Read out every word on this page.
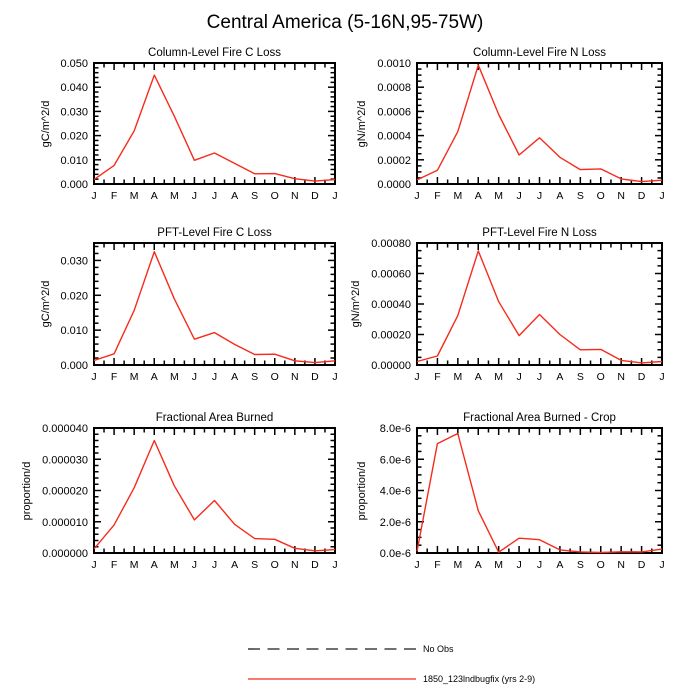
Central America (5-16N,95-75W)
Column-Level Fire C Loss
gC/m^2/d
J F M A M J J A S O N D J
0.000
0.010
0.020
0.030
0.040
0.050
Column-Level Fire N Loss
gN/m^2/d
J F M A M J J A S O N D J
0.0000
0.0002
0.0004
0.0006
0.0008
0.0010
PFT-Level Fire C Loss
gC/m^2/d
J F M A M J J A S O N D J
0.000
0.010
0.020
0.030
PFT-Level Fire N Loss
gN/m^2/d
J F M A M J J A S O N D J
0.00000
0.00020
0.00040
0.00060
0.00080
Fractional Area Burned
proportion/d
J F M A M J J A S O N D J
0.000000
0.000010
0.000020
0.000030
0.000040
Fractional Area Burned - Crop
proportion/d
J F M A M J J A S O N D J
0.0e-6
2.0e-6
4.0e-6
6.0e-6
8.0e-6
No Obs
1850_123lndbugfix (yrs 2-9)
